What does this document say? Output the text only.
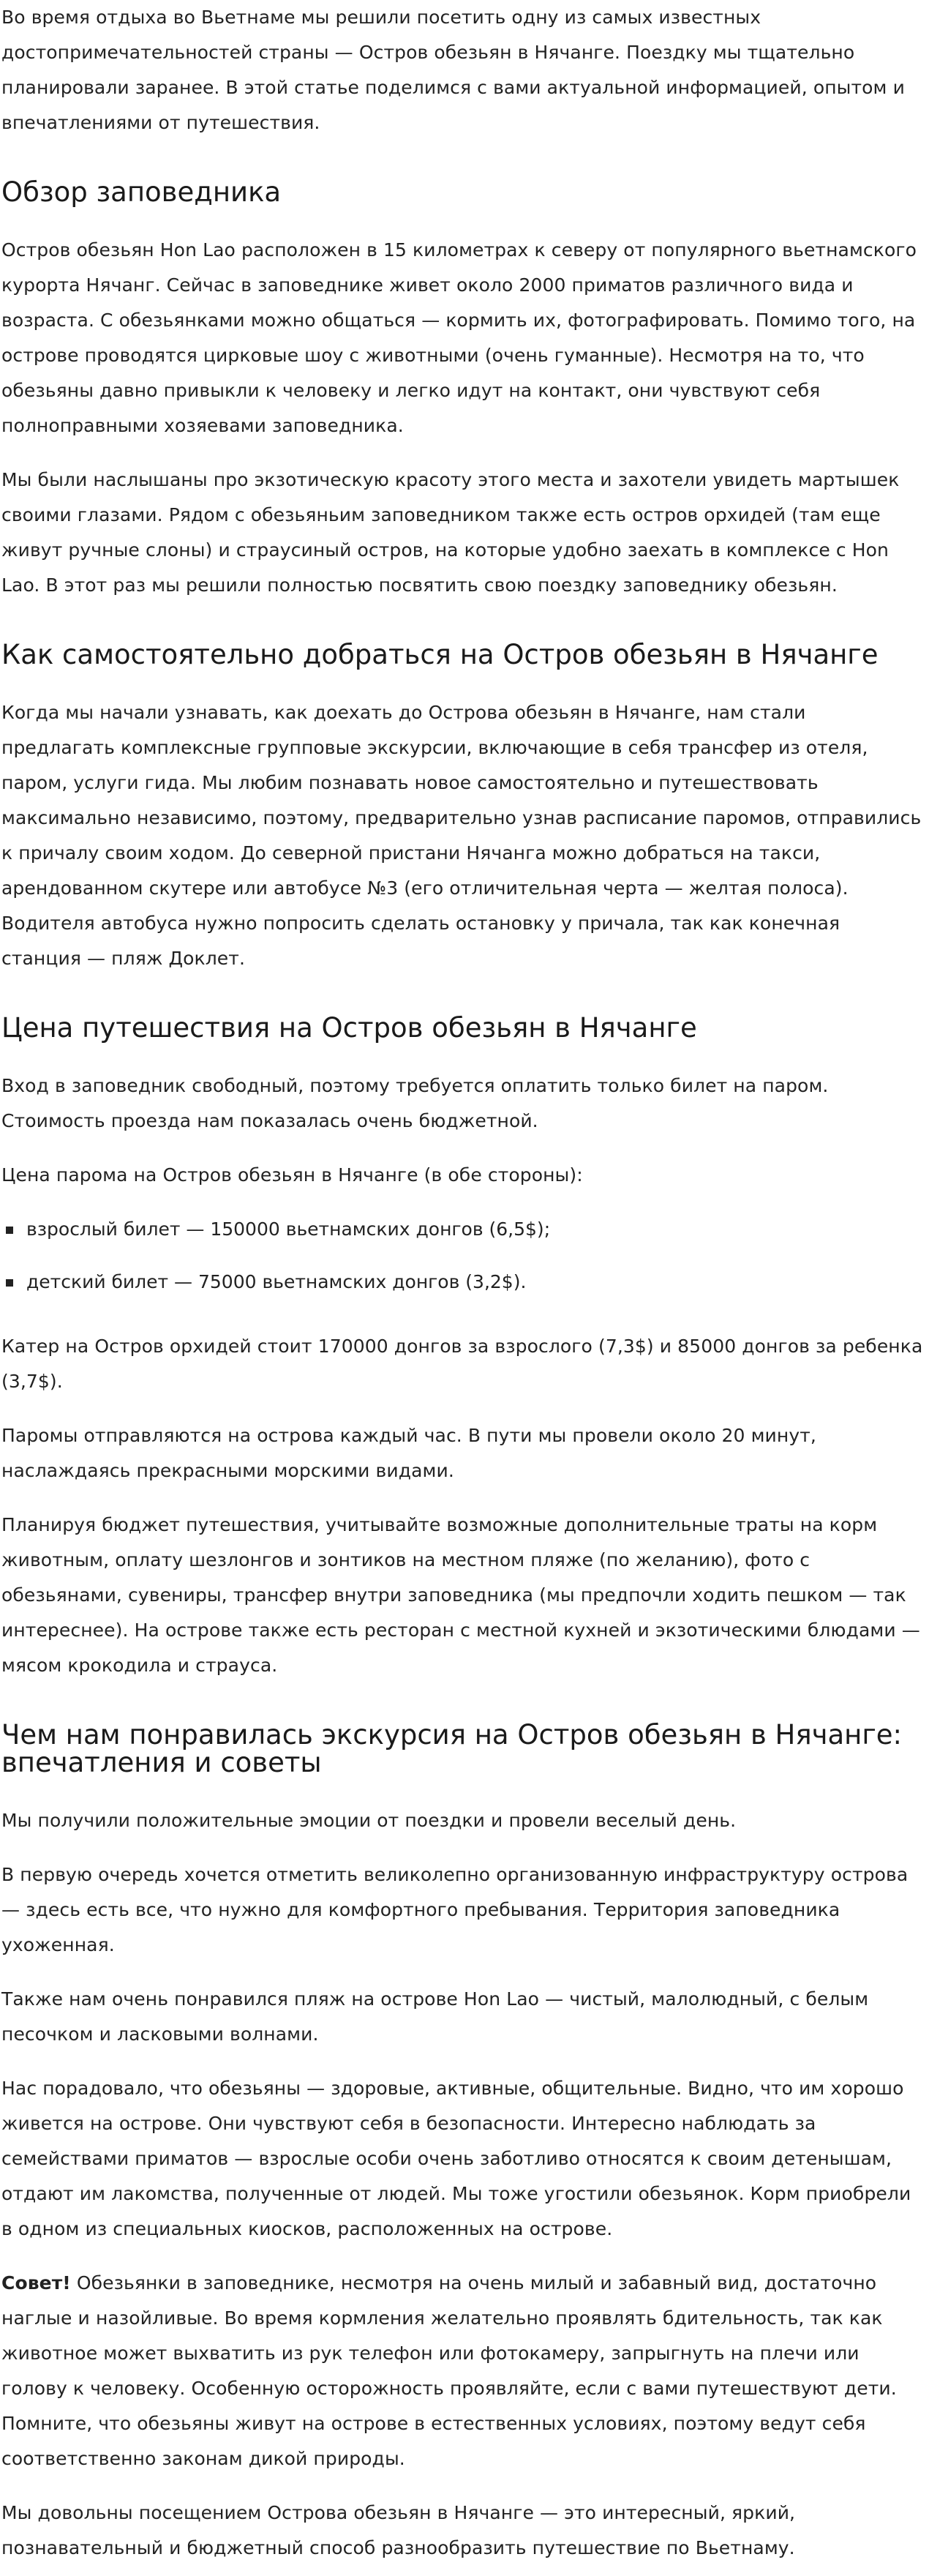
Во время отдыха во Вьетнаме мы решили посетить одну из самых известных достопримечательностей страны — Остров обезьян в Нячанге. Поездку мы тщательно планировали заранее. В этой статье поделимся с вами актуальной информацией, опытом и впечатлениями от путешествия.

Обзор заповедника

Остров обезьян Hon Lao расположен в 15 километрах к северу от популярного вьетнамского курорта Нячанг. Сейчас в заповеднике живет около 2000 приматов различного вида и возраста. С обезьянками можно общаться — кормить их, фотографировать. Помимо того, на острове проводятся цирковые шоу с животными (очень гуманные). Несмотря на то, что обезьяны давно привыкли к человеку и легко идут на контакт, они чувствуют себя полноправными хозяевами заповедника.

Мы были наслышаны про экзотическую красоту этого места и захотели увидеть мартышек своими глазами. Рядом с обезьяньим заповедником также есть остров орхидей (там еще живут ручные слоны) и страусиный остров, на которые удобно заехать в комплексе с Hon Lao. В этот раз мы решили полностью посвятить свою поездку заповеднику обезьян.

Как самостоятельно добраться на Остров обезьян в Нячанге

Когда мы начали узнавать, как доехать до Острова обезьян в Нячанге, нам стали предлагать комплексные групповые экскурсии, включающие в себя трансфер из отеля, паром, услуги гида. Мы любим познавать новое самостоятельно и путешествовать максимально независимо, поэтому, предварительно узнав расписание паромов, отправились к причалу своим ходом. До северной пристани Нячанга можно добраться на такси, арендованном скутере или автобусе №3 (его отличительная черта — желтая полоса). Водителя автобуса нужно попросить сделать остановку у причала, так как конечная станция — пляж Доклет.

Цена путешествия на Остров обезьян в Нячанге

Вход в заповедник свободный, поэтому требуется оплатить только билет на паром. Стоимость проезда нам показалась очень бюджетной.

Цена парома на Остров обезьян в Нячанге (в обе стороны):

взрослый билет — 150000 вьетнамских донгов (6,5$);
детский билет — 75000 вьетнамских донгов (3,2$).

Катер на Остров орхидей стоит 170000 донгов за взрослого (7,3$) и 85000 донгов за ребенка (3,7$).

Паромы отправляются на острова каждый час. В пути мы провели около 20 минут, наслаждаясь прекрасными морскими видами.

Планируя бюджет путешествия, учитывайте возможные дополнительные траты на корм животным, оплату шезлонгов и зонтиков на местном пляже (по желанию), фото с обезьянами, сувениры, трансфер внутри заповедника (мы предпочли ходить пешком — так интереснее). На острове также есть ресторан с местной кухней и экзотическими блюдами — мясом крокодила и страуса.

Чем нам понравилась экскурсия на Остров обезьян в Нячанге: впечатления и советы

Мы получили положительные эмоции от поездки и провели веселый день.

В первую очередь хочется отметить великолепно организованную инфраструктуру острова — здесь есть все, что нужно для комфортного пребывания. Территория заповедника ухоженная.

Также нам очень понравился пляж на острове Hon Lao — чистый, малолюдный, с белым песочком и ласковыми волнами.

Нас порадовало, что обезьяны — здоровые, активные, общительные. Видно, что им хорошо живется на острове. Они чувствуют себя в безопасности. Интересно наблюдать за семействами приматов — взрослые особи очень заботливо относятся к своим детенышам, отдают им лакомства, полученные от людей. Мы тоже угостили обезьянок. Корм приобрели в одном из специальных киосков, расположенных на острове.

Совет! Обезьянки в заповеднике, несмотря на очень милый и забавный вид, достаточно наглые и назойливые. Во время кормления желательно проявлять бдительность, так как животное может выхватить из рук телефон или фотокамеру, запрыгнуть на плечи или голову к человеку. Особенную осторожность проявляйте, если с вами путешествуют дети. Помните, что обезьяны живут на острове в естественных условиях, поэтому ведут себя соответственно законам дикой природы.

Мы довольны посещением Острова обезьян в Нячанге — это интересный, яркий, познавательный и бюджетный способ разнообразить путешествие по Вьетнаму.
